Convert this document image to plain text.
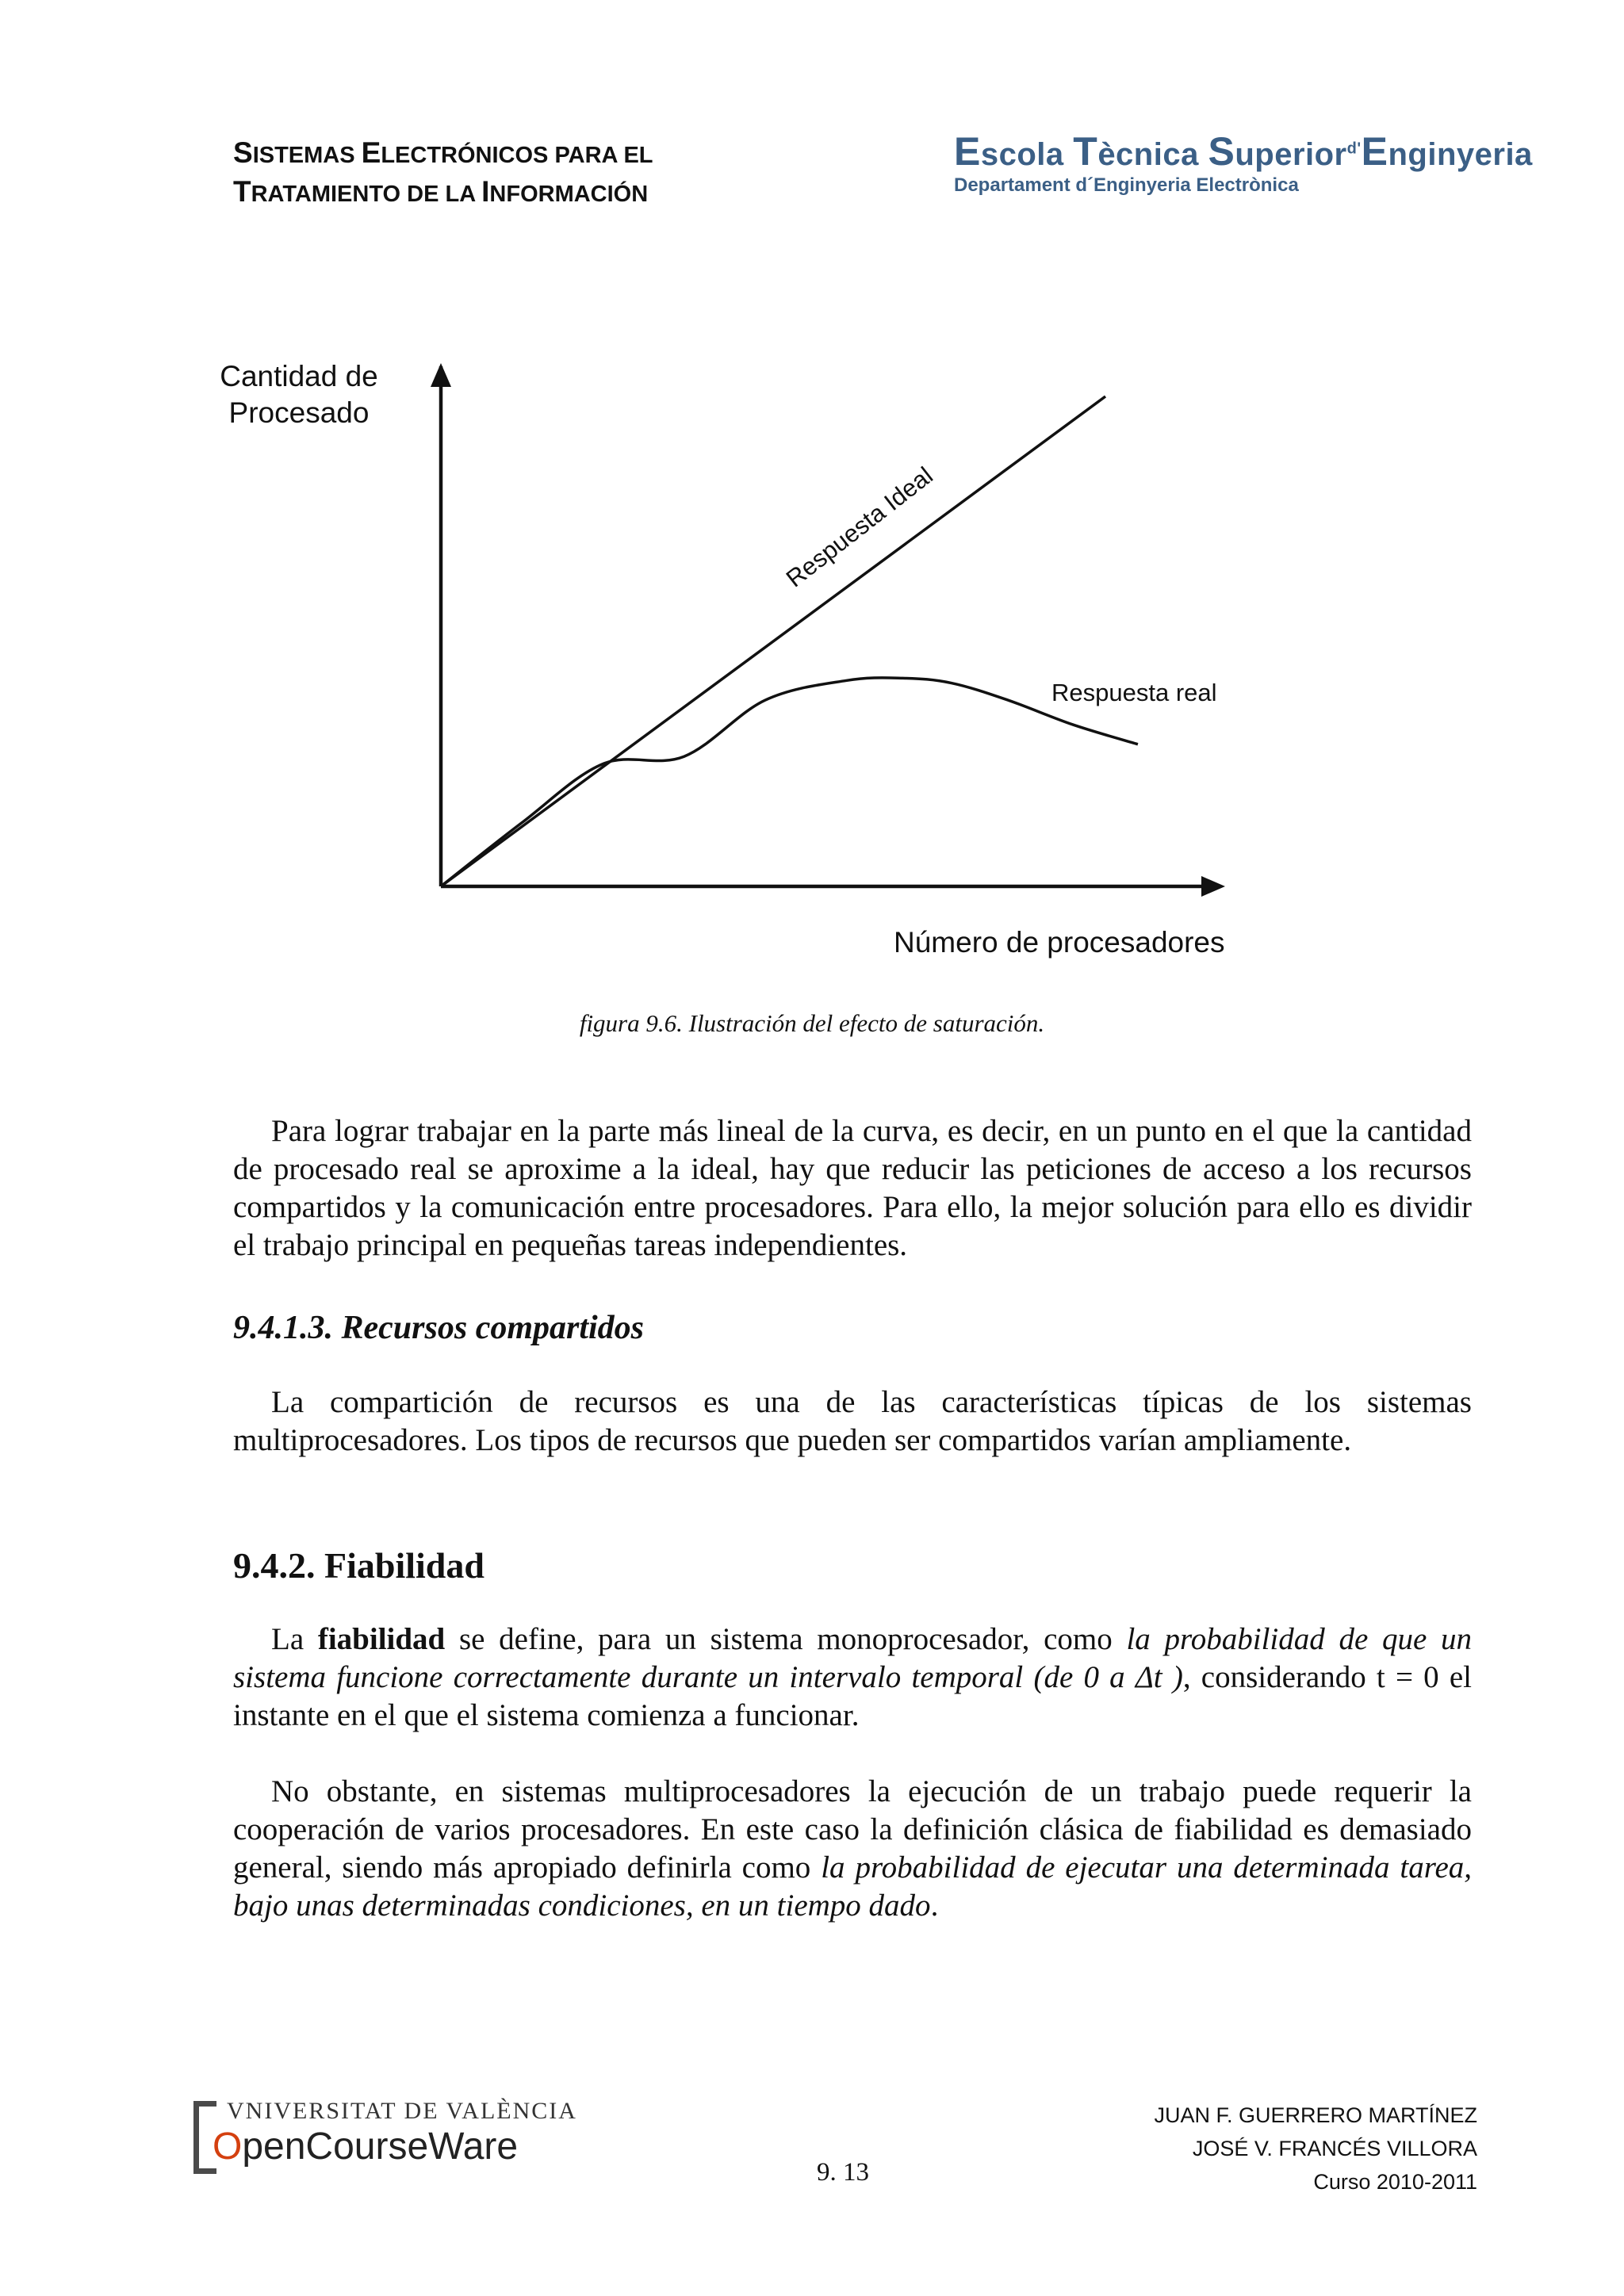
SISTEMAS ELECTRÓNICOS PARA EL
TRATAMIENTO DE LA INFORMACIÓN
Escola Tècnica Superior$^{d'}$Enginyeria
Departament d´Enginyeria Electrònica
Cantidad de
Procesado
Respuesta Ideal
Respuesta real
Número de procesadores
figura 9.6. Ilustración del efecto de saturación.
Para lograr trabajar en la parte más lineal de la curva, es decir, en un punto en el que la cantidad de procesado real se aproxime a la ideal, hay que reducir las peticiones de acceso a los recursos compartidos y la comunicación entre procesadores. Para ello, la mejor solución para ello es dividir el trabajo principal en pequeñas tareas independientes.
9.4.1.3. Recursos compartidos
La compartición de recursos es una de las características típicas de los sistemas multiprocesadores. Los tipos de recursos que pueden ser compartidos varían ampliamente.
9.4.2. Fiabilidad
La fiabilidad se define, para un sistema monoprocesador, como la probabilidad de que un sistema funcione correctamente durante un intervalo temporal (de 0 a Δt ), considerando t = 0 el instante en el que el sistema comienza a funcionar.
No obstante, en sistemas multiprocesadores la ejecución de un trabajo puede requerir la cooperación de varios procesadores. En este caso la definición clásica de fiabilidad es demasiado general, siendo más apropiado definirla como la probabilidad de ejecutar una determinada tarea, bajo unas determinadas condiciones, en un tiempo dado.
VNIVERSITAT DE VALÈNCIA
OpenCourseWare
9. 13
JUAN F. GUERRERO MARTÍNEZ
JOSÉ V. FRANCÉS VILLORA
Curso 2010-2011
